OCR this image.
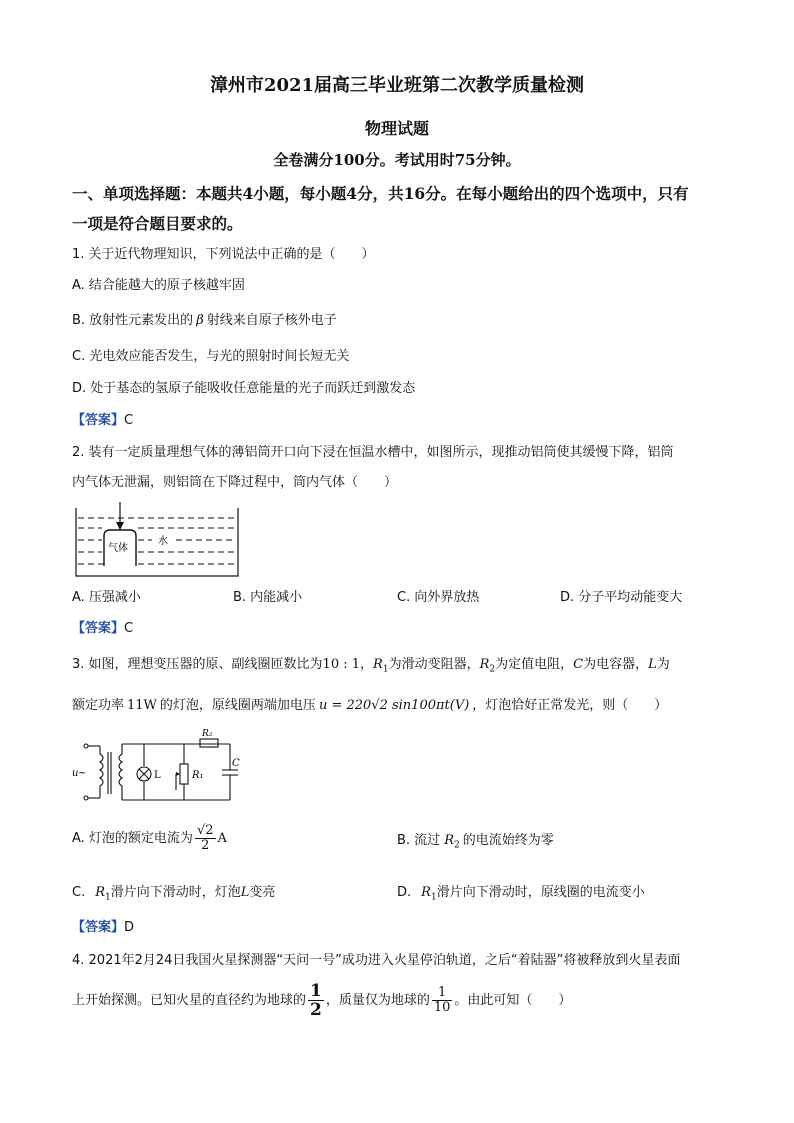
漳州市2021届高三毕业班第二次教学质量检测
物理试题
全卷满分100分。考试用时75分钟。
一、单项选择题：本题共4小题，每小题4分，共16分。在每小题给出的四个选项中，只有
一项是符合题目要求的。
1. 关于近代物理知识，下列说法中正确的是（　　）
A. 结合能越大的原子核越牢固
B. 放射性元素发出的 β 射线来自原子核外电子
C. 光电效应能否发生，与光的照射时间长短无关
D. 处于基态的氢原子能吸收任意能量的光子而跃迁到激发态
【答案】C
2. 装有一定质量理想气体的薄铝筒开口向下浸在恒温水槽中，如图所示，现推动铝筒使其缓慢下降，铝筒
内气体无泄漏，则铝筒在下降过程中，筒内气体（　　）
气体
水
A. 压强减小	B. 内能减小	C. 向外界放热	D. 分子平均动能变大
【答案】C
3. 如图，理想变压器的原、副线圈匝数比为10 : 1，$R_1$为滑动变阻器，$R_2$为定值电阻，C为电容器，L为
额定功率 11W 的灯泡，原线圈两端加电压 u = 220√2 sin100πt(V) ，灯泡恰好正常发光，则（　　）
u ~	L	R₁
R₂
C
A. 灯泡的额定电流为 $\frac{√2}{2}$ A	B. 流过 $R_2$ 的电流始终为零
C. $R_1$滑片向下滑动时，灯泡L变亮	D. $R_1$滑片向下滑动时，原线圈的电流变小
【答案】D
4. 2021年2月24日我国火星探测器“天问一号”成功进入火星停泊轨道，之后“着陆器”将被释放到火星表面
上开始探测。已知火星的直径约为地球的 $\frac{1}{2}$ ，质量仅为地球的 $\frac{1}{10}$ 。由此可知（　　）
